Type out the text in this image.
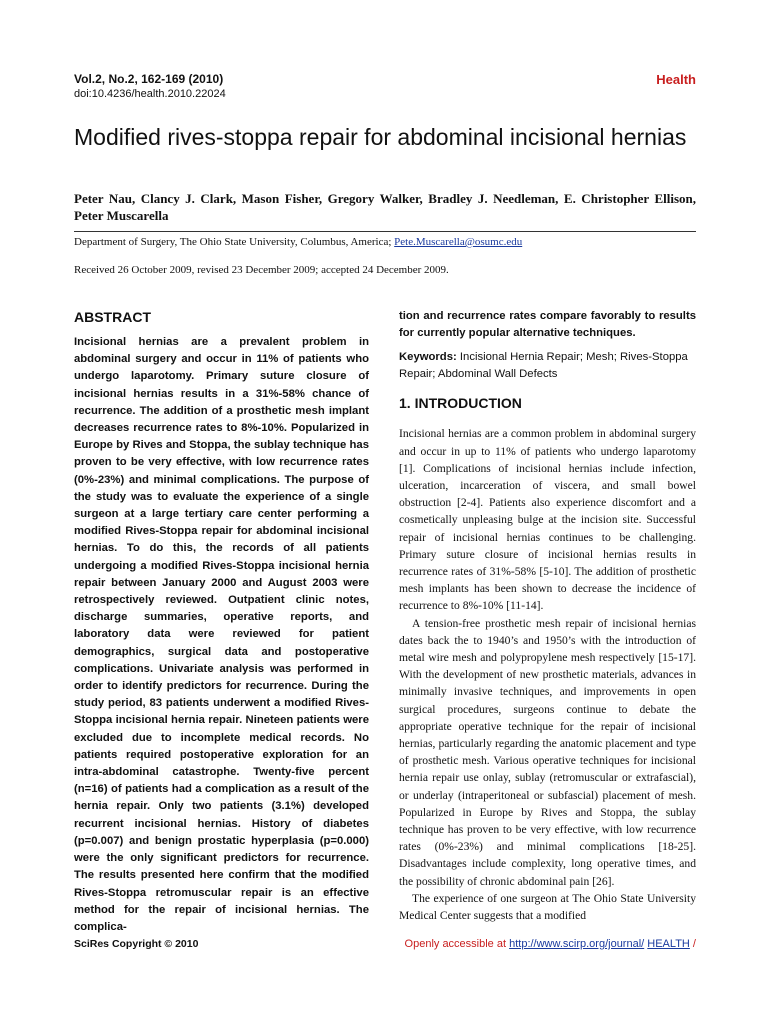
Vol.2, No.2, 162-169 (2010)
doi:10.4236/health.2010.22024
Health
Modified rives-stoppa repair for abdominal incisional hernias
Peter Nau, Clancy J. Clark, Mason Fisher, Gregory Walker, Bradley J. Needleman, E. Christopher Ellison, Peter Muscarella
Department of Surgery, The Ohio State University, Columbus, America; Pete.Muscarella@osumc.edu
Received 26 October 2009, revised 23 December 2009; accepted 24 December 2009.
ABSTRACT
Incisional hernias are a prevalent problem in abdominal surgery and occur in 11% of patients who undergo laparotomy. Primary suture closure of incisional hernias results in a 31%-58% chance of recurrence. The addition of a prosthetic mesh implant decreases recurrence rates to 8%-10%. Popularized in Europe by Rives and Stoppa, the sublay technique has proven to be very effective, with low recurrence rates (0%-23%) and minimal complications. The purpose of the study was to evaluate the experience of a single surgeon at a large tertiary care center performing a modified Rives-Stoppa repair for abdominal incisional hernias. To do this, the records of all patients undergoing a modified Rives-Stoppa incisional hernia repair between January 2000 and August 2003 were retrospectively reviewed. Outpatient clinic notes, discharge summaries, operative reports, and laboratory data were reviewed for patient demographics, surgical data and postoperative complications. Univariate analysis was performed in order to identify predictors for recurrence. During the study period, 83 patients underwent a modified Rives-Stoppa incisional hernia repair. Nineteen patients were excluded due to incomplete medical records. No patients required postoperative exploration for an intra-abdominal catastrophe. Twenty-five percent (n=16) of patients had a complication as a result of the hernia repair. Only two patients (3.1%) developed recurrent incisional hernias. History of diabetes (p=0.007) and benign prostatic hyperplasia (p=0.000) were the only significant predictors for recurrence. The results presented here confirm that the modified Rives-Stoppa retromuscular repair is an effective method for the repair of incisional hernias. The complica-
tion and recurrence rates compare favorably to results for currently popular alternative techniques.
Keywords: Incisional Hernia Repair; Mesh; Rives-Stoppa Repair; Abdominal Wall Defects
1. INTRODUCTION

Incisional hernias are a common problem in abdominal surgery and occur in up to 11% of patients who undergo laparotomy [1]. Complications of incisional hernias include infection, ulceration, incarceration of viscera, and small bowel obstruction [2-4]. Patients also experience discomfort and a cosmetically unpleasing bulge at the incision site. Successful repair of incisional hernias continues to be challenging. Primary suture closure of incisional hernias results in recurrence rates of 31%-58% [5-10]. The addition of prosthetic mesh implants has been shown to decrease the incidence of recurrence to 8%-10% [11-14].

A tension-free prosthetic mesh repair of incisional hernias dates back the to 1940’s and 1950’s with the introduction of metal wire mesh and polypropylene mesh respectively [15-17]. With the development of new prosthetic materials, advances in minimally invasive techniques, and improvements in open surgical procedures, surgeons continue to debate the appropriate operative technique for the repair of incisional hernias, particularly regarding the anatomic placement and type of prosthetic mesh. Various operative techniques for incisional hernia repair use onlay, sublay (retromuscular or extrafascial), or underlay (intraperitoneal or subfascial) placement of mesh. Popularized in Europe by Rives and Stoppa, the sublay technique has proven to be very effective, with low recurrence rates (0%-23%) and minimal complications [18-25]. Disadvantages include complexity, long operative times, and the possibility of chronic abdominal pain [26].

The experience of one surgeon at The Ohio State University Medical Center suggests that a modified

SciRes Copyright © 2010	Openly accessible at http://www.scirp.org/journal/ HEALTH /
